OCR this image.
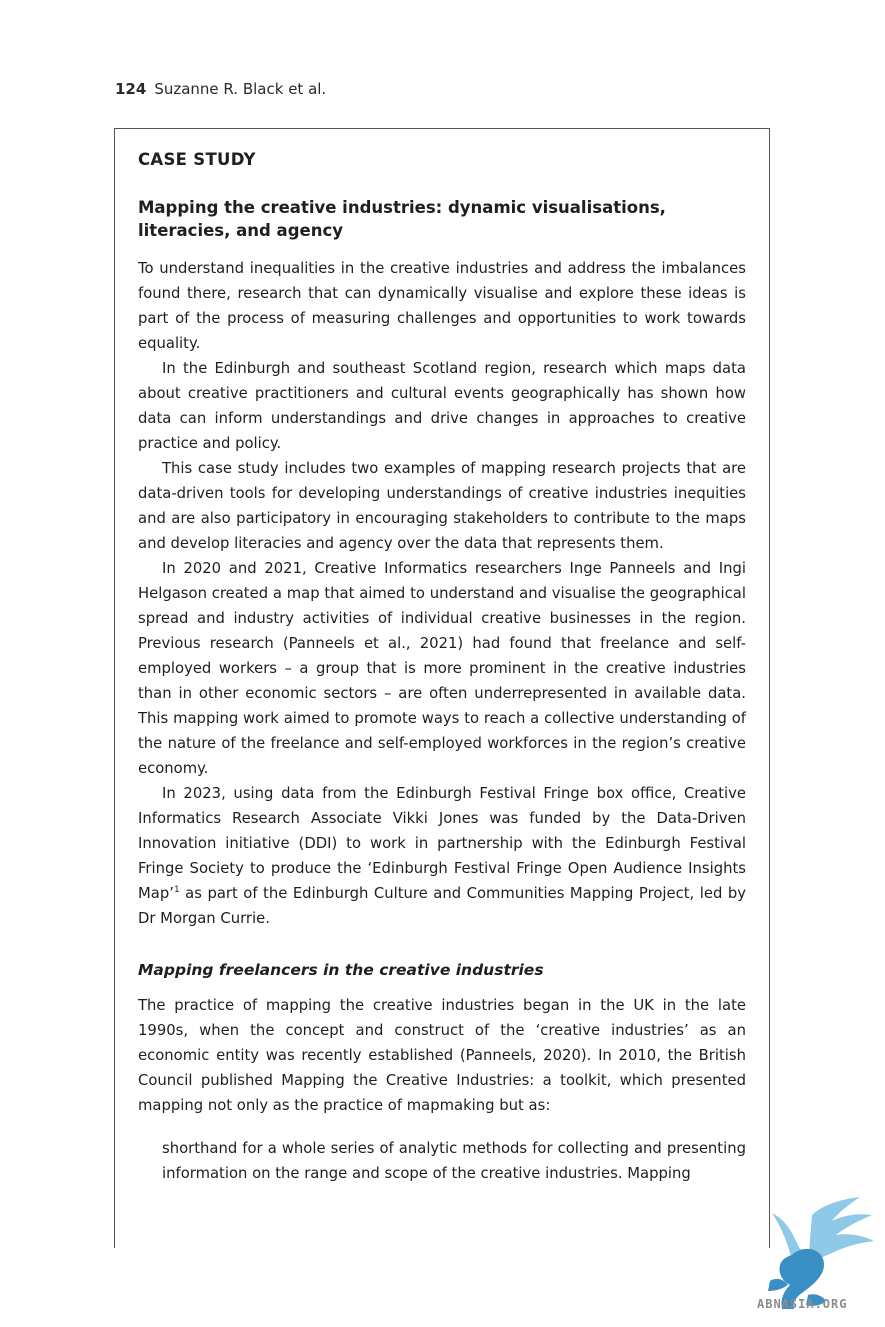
124 Suzanne R. Black et al.
CASE STUDY
Mapping the creative industries: dynamic visualisations, literacies, and agency

To understand inequalities in the creative industries and address the imbalances found there, research that can dynamically visualise and explore these ideas is part of the process of measuring challenges and opportunities to work towards equality.

In the Edinburgh and southeast Scotland region, research which maps data about creative practitioners and cultural events geographically has shown how data can inform understandings and drive changes in approaches to creative practice and policy.

This case study includes two examples of mapping research projects that are data-driven tools for developing understandings of creative industries inequities and are also participatory in encouraging stakeholders to contribute to the maps and develop literacies and agency over the data that represents them.

In 2020 and 2021, Creative Informatics researchers Inge Panneels and Ingi Helgason created a map that aimed to understand and visualise the geographical spread and industry activities of individual creative businesses in the region. Previous research (Panneels et al., 2021) had found that freelance and self-employed workers – a group that is more prominent in the creative industries than in other economic sectors – are often underrepresented in available data. This mapping work aimed to promote ways to reach a collective understanding of the nature of the freelance and self-employed workforces in the region’s creative economy.

In 2023, using data from the Edinburgh Festival Fringe box office, Creative Informatics Research Associate Vikki Jones was funded by the Data-Driven Innovation initiative (DDI) to work in partnership with the Edinburgh Festival Fringe Society to produce the ‘Edinburgh Festival Fringe Open Audience Insights Map’$^1$ as part of the Edinburgh Culture and Communities Mapping Project, led by Dr Morgan Currie.

Mapping freelancers in the creative industries

The practice of mapping the creative industries began in the UK in the late 1990s, when the concept and construct of the ‘creative industries’ as an economic entity was recently established (Panneels, 2020). In 2010, the British Council published Mapping the Creative Industries: a toolkit, which presented mapping not only as the practice of mapmaking but as:

shorthand for a whole series of analytic methods for collecting and presenting information on the range and scope of the creative industries. Mapping

ABNASIA.ORG
